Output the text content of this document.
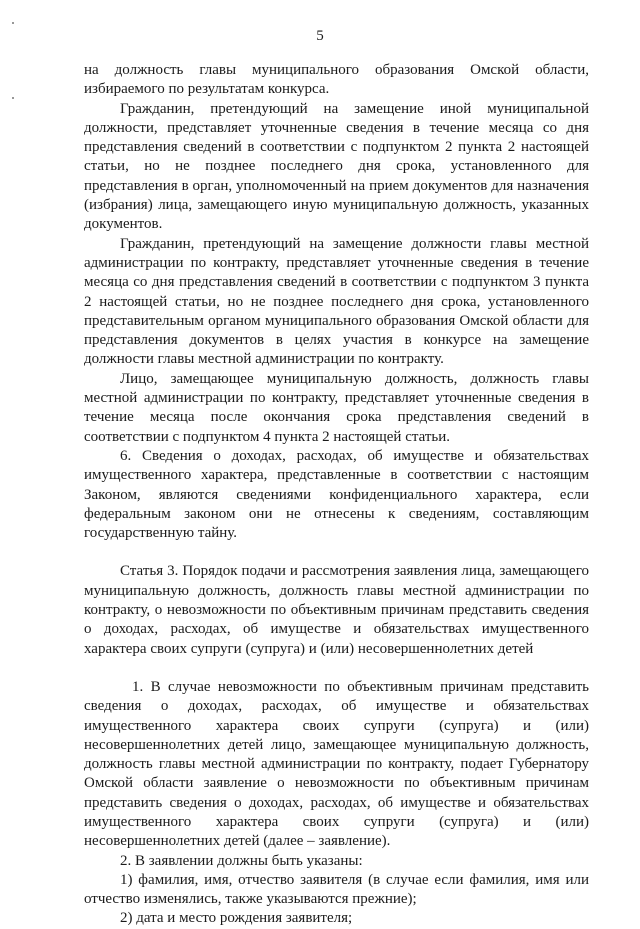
5

на должность главы муниципального образования Омской области, избираемого по результатам конкурса.

Гражданин, претендующий на замещение иной муниципальной должности, представляет уточненные сведения в течение месяца со дня представления сведений в соответствии с подпунктом 2 пункта 2 настоящей статьи, но не позднее последнего дня срока, установленного для представления в орган, уполномоченный на прием документов для назначения (избрания) лица, замещающего иную муниципальную должность, указанных документов.

Гражданин, претендующий на замещение должности главы местной администрации по контракту, представляет уточненные сведения в течение месяца со дня представления сведений в соответствии с подпунктом 3 пункта 2 настоящей статьи, но не позднее последнего дня срока, установленного представительным органом муниципального образования Омской области для представления документов в целях участия в конкурсе на замещение должности главы местной администрации по контракту.

Лицо, замещающее муниципальную должность, должность главы местной администрации по контракту, представляет уточненные сведения в течение месяца после окончания срока представления сведений в соответствии с подпунктом 4 пункта 2 настоящей статьи.

6. Сведения о доходах, расходах, об имуществе и обязательствах имущественного характера, представленные в соответствии с настоящим Законом, являются сведениями конфиденциального характера, если федеральным законом они не отнесены к сведениям, составляющим государственную тайну.

Статья 3. Порядок подачи и рассмотрения заявления лица, замещающего муниципальную должность, должность главы местной администрации по контракту, о невозможности по объективным причинам представить сведения о доходах, расходах, об имуществе и обязательствах имущественного характера своих супруги (супруга) и (или) несовершеннолетних детей

1. В случае невозможности по объективным причинам представить сведения о доходах, расходах, об имуществе и обязательствах имущественного характера своих супруги (супруга) и (или) несовершеннолетних детей лицо, замещающее муниципальную должность, должность главы местной администрации по контракту, подает Губернатору Омской области заявление о невозможности по объективным причинам представить сведения о доходах, расходах, об имуществе и обязательствах имущественного характера своих супруги (супруга) и (или) несовершеннолетних детей (далее – заявление).

2. В заявлении должны быть указаны:

1) фамилия, имя, отчество заявителя (в случае если фамилия, имя или отчество изменялись, также указываются прежние);

2) дата и место рождения заявителя;
